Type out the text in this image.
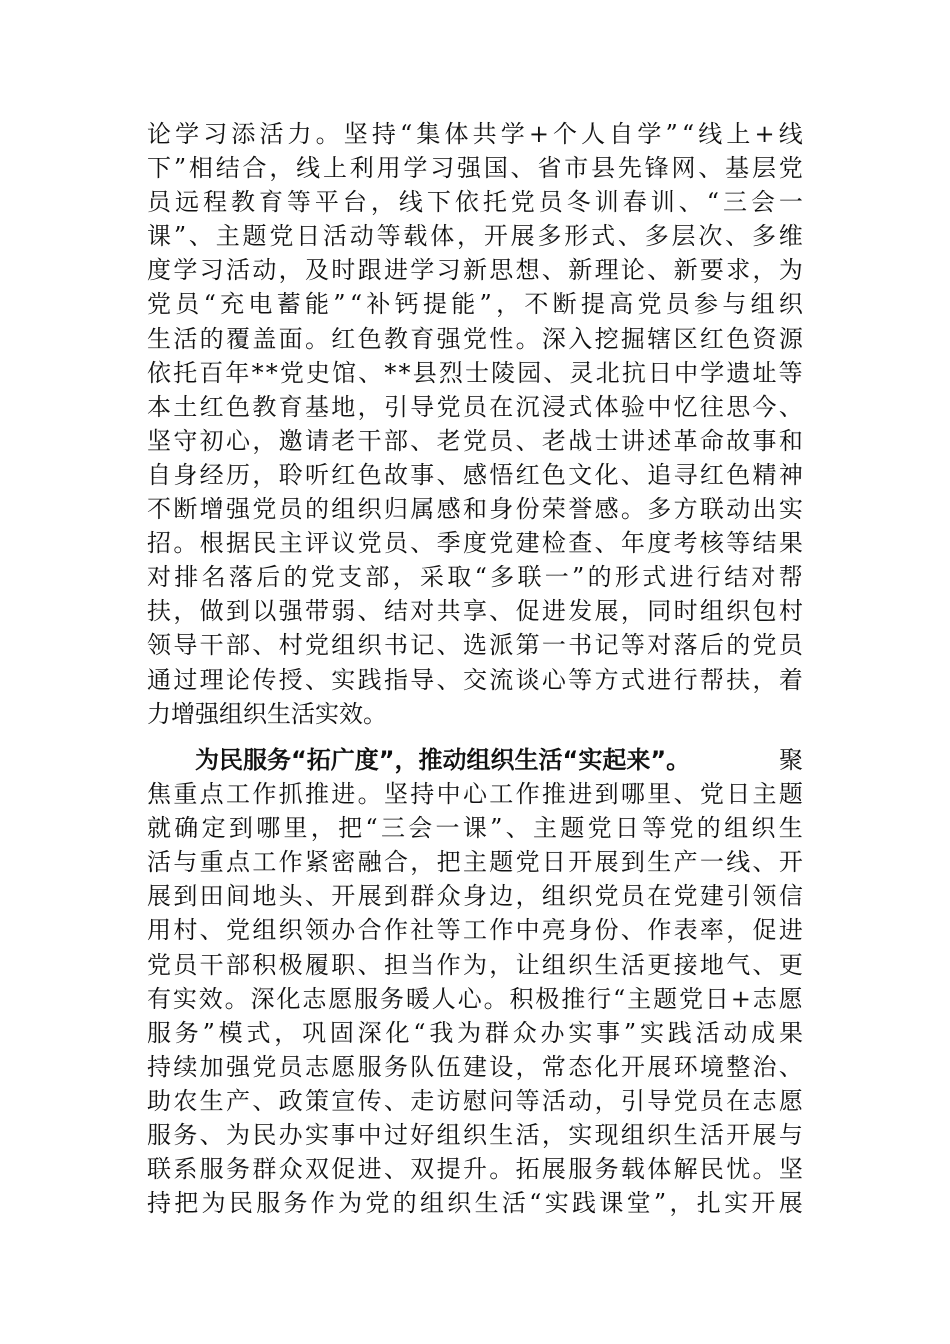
论 学 习 添 活 力 。 坚 持 “ 集 体 共 学 + 个 人 自 学 ” “ 线 上 + 线
下 ” 相 结 合 ， 线 上 利 用 学 习 强 国 、 省 市 县 先 锋 网 、 基 层 党
员 远 程 教 育 等 平 台 ， 线 下 依 托 党 员 冬 训 春 训 、 “ 三 会 一
课 ” 、 主 题 党 日 活 动 等 载 体 ， 开 展 多 形 式 、 多 层 次 、 多 维
度 学 习 活 动 ， 及 时 跟 进 学 习 新 思 想 、 新 理 论 、 新 要 求 ， 为
党 员 “ 充 电 蓄 能 ” “ 补 钙 提 能 ” ， 不 断 提 高 党 员 参 与 组 织
生 活 的 覆 盖 面 。 红 色 教 育 强 党 性 。 深 入 挖 掘 辖 区 红 色 资 源
依 托 百 年 * * 党 史 馆 、 * * 县 烈 士 陵 园 、 灵 北 抗 日 中 学 遗 址 等
本 土 红 色 教 育 基 地 ， 引 导 党 员 在 沉 浸 式 体 验 中 忆 往 思 今 、
坚 守 初 心 ， 邀 请 老 干 部 、 老 党 员 、 老 战 士 讲 述 革 命 故 事 和
自 身 经 历 ， 聆 听 红 色 故 事 、 感 悟 红 色 文 化 、 追 寻 红 色 精 神
不 断 增 强 党 员 的 组 织 归 属 感 和 身 份 荣 誉 感 。 多 方 联 动 出 实
招 。 根 据 民 主 评 议 党 员 、 季 度 党 建 检 查 、 年 度 考 核 等 结 果
对 排 名 落 后 的 党 支 部 ， 采 取 “ 多 联 一 ” 的 形 式 进 行 结 对 帮
扶 ， 做 到 以 强 带 弱 、 结 对 共 享 、 促 进 发 展 ， 同 时 组 织 包 村
领 导 干 部 、 村 党 组 织 书 记 、 选 派 第 一 书 记 等 对 落 后 的 党 员
通 过 理 论 传 授 、 实 践 指 导 、 交 流 谈 心 等 方 式 进 行 帮 扶 ， 着
力增强组织生活实效。
为民服务“拓广度”，推动组织生活“实起来”。	聚
焦 重 点 工 作 抓 推 进 。 坚 持 中 心 工 作 推 进 到 哪 里 、 党 日 主 题
就 确 定 到 哪 里 ， 把 “ 三 会 一 课 ” 、 主 题 党 日 等 党 的 组 织 生
活 与 重 点 工 作 紧 密 融 合 ， 把 主 题 党 日 开 展 到 生 产 一 线 、 开
展 到 田 间 地 头 、 开 展 到 群 众 身 边 ， 组 织 党 员 在 党 建 引 领 信
用 村 、 党 组 织 领 办 合 作 社 等 工 作 中 亮 身 份 、 作 表 率 ， 促 进
党 员 干 部 积 极 履 职 、 担 当 作 为 ， 让 组 织 生 活 更 接 地 气 、 更
有 实 效 。 深 化 志 愿 服 务 暖 人 心 。 积 极 推 行 “ 主 题 党 日 + 志 愿
服 务 ” 模 式 ， 巩 固 深 化 “ 我 为 群 众 办 实 事 ” 实 践 活 动 成 果
持 续 加 强 党 员 志 愿 服 务 队 伍 建 设 ， 常 态 化 开 展 环 境 整 治 、
助 农 生 产 、 政 策 宣 传 、 走 访 慰 问 等 活 动 ， 引 导 党 员 在 志 愿
服 务 、 为 民 办 实 事 中 过 好 组 织 生 活 ， 实 现 组 织 生 活 开 展 与
联 系 服 务 群 众 双 促 进 、 双 提 升 。 拓 展 服 务 载 体 解 民 忧 。 坚
持 把 为 民 服 务 作 为 党 的 组 织 生 活 “ 实 践 课 堂 ” ， 扎 实 开 展
